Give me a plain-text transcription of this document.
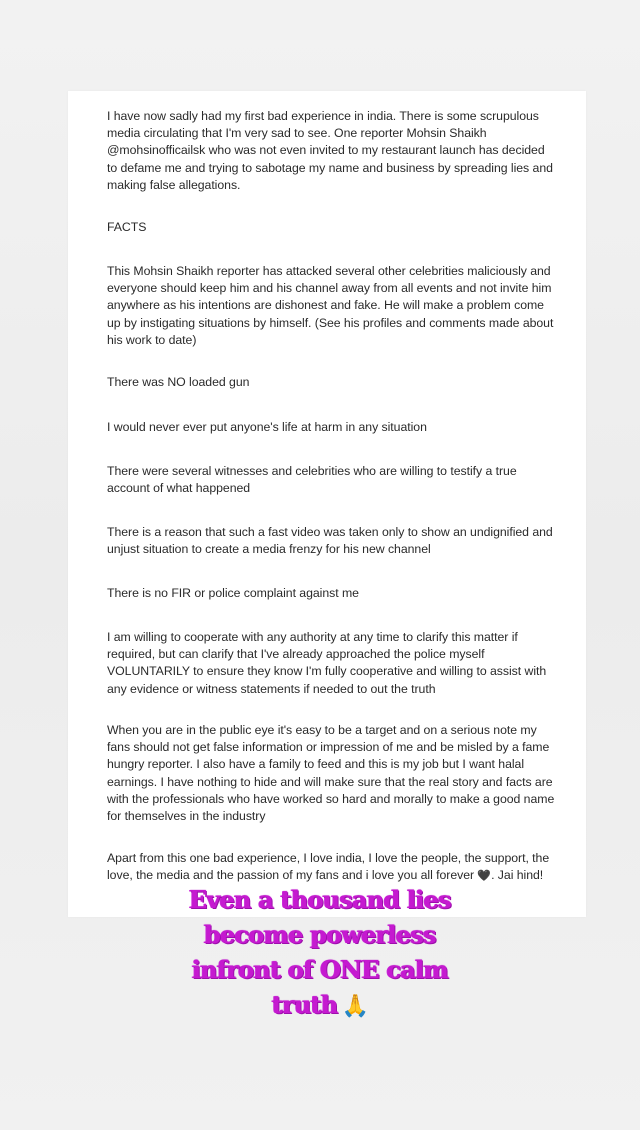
I have now sadly had my first bad experience in india. There is some scrupulous media circulating that I'm very sad to see. One reporter Mohsin Shaikh @mohsinofficailsk who was not even invited to my restaurant launch has decided to defame me and trying to sabotage my name and business by spreading lies and making false allegations.

FACTS

This Mohsin Shaikh reporter has attacked several other celebrities maliciously and everyone should keep him and his channel away from all events and not invite him anywhere as his intentions are dishonest and fake. He will make a problem come up by instigating situations by himself. (See his profiles and comments made about his work to date)

There was NO loaded gun

I would never ever put anyone's life at harm in any situation

There were several witnesses and celebrities who are willing to testify a true account of what happened

There is a reason that such a fast video was taken only to show an undignified and unjust situation to create a media frenzy for his new channel

There is no FIR or police complaint against me

I am willing to cooperate with any authority at any time to clarify this matter if required, but can clarify that I've already approached the police myself VOLUNTARILY to ensure they know I'm fully cooperative and willing to assist with any evidence or witness statements if needed to out the truth

When you are in the public eye it's easy to be a target and on a serious note my fans should not get false information or impression of me and be misled by a fame hungry reporter. I also have a family to feed and this is my job but I want halal earnings. I have nothing to hide and will make sure that the real story and facts are with the professionals who have worked so hard and morally to make a good name for themselves in the industry

Apart from this one bad experience, I love india, I love the people, the support, the love, the media and the passion of my fans and i love you all forever 🖤. Jai hind!

Even a thousand lies
become powerless
infront of ONE calm
truth 🙏
